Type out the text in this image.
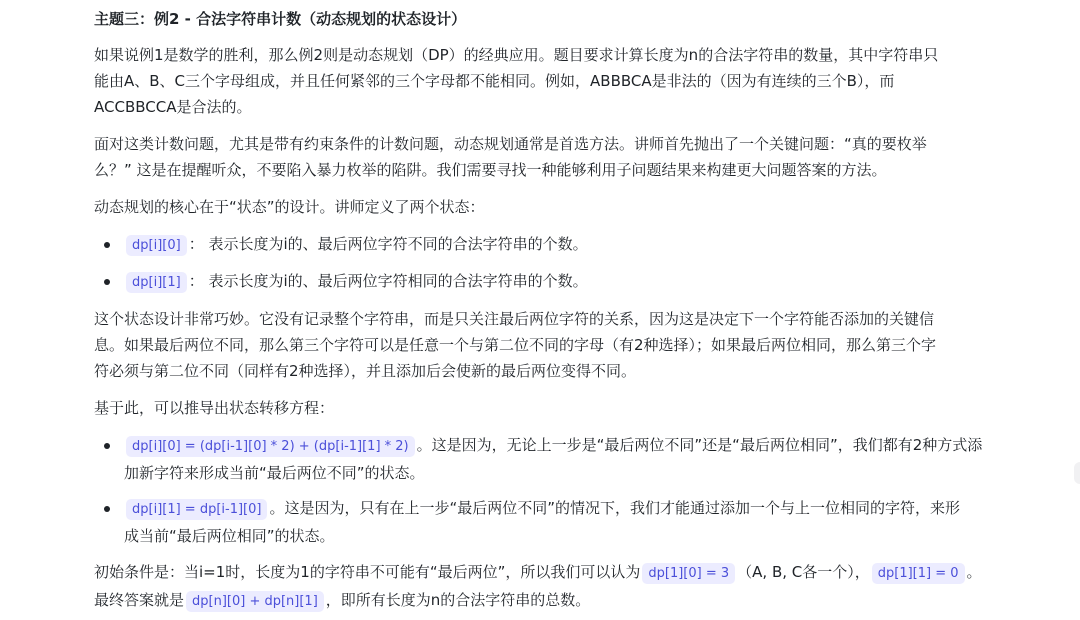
主题三：例2 - 合法字符串计数（动态规划的状态设计）
如果说例1是数学的胜利，那么例2则是动态规划（DP）的经典应用。题目要求计算长度为n的合法字符串的数量，其中字符串只
能由A、B、C三个字母组成，并且任何紧邻的三个字母都不能相同。例如，ABBBCA是非法的（因为有连续的三个B），而
ACCBBCCA是合法的。
面对这类计数问题，尤其是带有约束条件的计数问题，动态规划通常是首选方法。讲师首先抛出了一个关键问题：“真的要枚举
么？” 这是在提醒听众，不要陷入暴力枚举的陷阱。我们需要寻找一种能够利用子问题结果来构建更大问题答案的方法。
动态规划的核心在于“状态”的设计。讲师定义了两个状态：
dp[i][0] ： 表示长度为i的、最后两位字符不同的合法字符串的个数。
dp[i][1] ： 表示长度为i的、最后两位字符相同的合法字符串的个数。
这个状态设计非常巧妙。它没有记录整个字符串，而是只关注最后两位字符的关系，因为这是决定下一个字符能否添加的关键信
息。如果最后两位不同，那么第三个字符可以是任意一个与第二位不同的字母（有2种选择）；如果最后两位相同，那么第三个字
符必须与第二位不同（同样有2种选择），并且添加后会使新的最后两位变得不同。
基于此，可以推导出状态转移方程：
dp[i][0] = (dp[i-1][0] * 2) + (dp[i-1][1] * 2) 。这是因为，无论上一步是“最后两位不同”还是“最后两位相同”，我们都有2种方式添
加新字符来形成当前“最后两位不同”的状态。
dp[i][1] = dp[i-1][0] 。这是因为，只有在上一步“最后两位不同”的情况下，我们才能通过添加一个与上一位相同的字符，来形
成当前“最后两位相同”的状态。
初始条件是：当i=1时，长度为1的字符串不可能有“最后两位”，所以我们可以认为 dp[1][0] = 3 （A, B, C各一个）， dp[1][1] = 0 。
最终答案就是 dp[n][0] + dp[n][1] ，即所有长度为n的合法字符串的总数。
